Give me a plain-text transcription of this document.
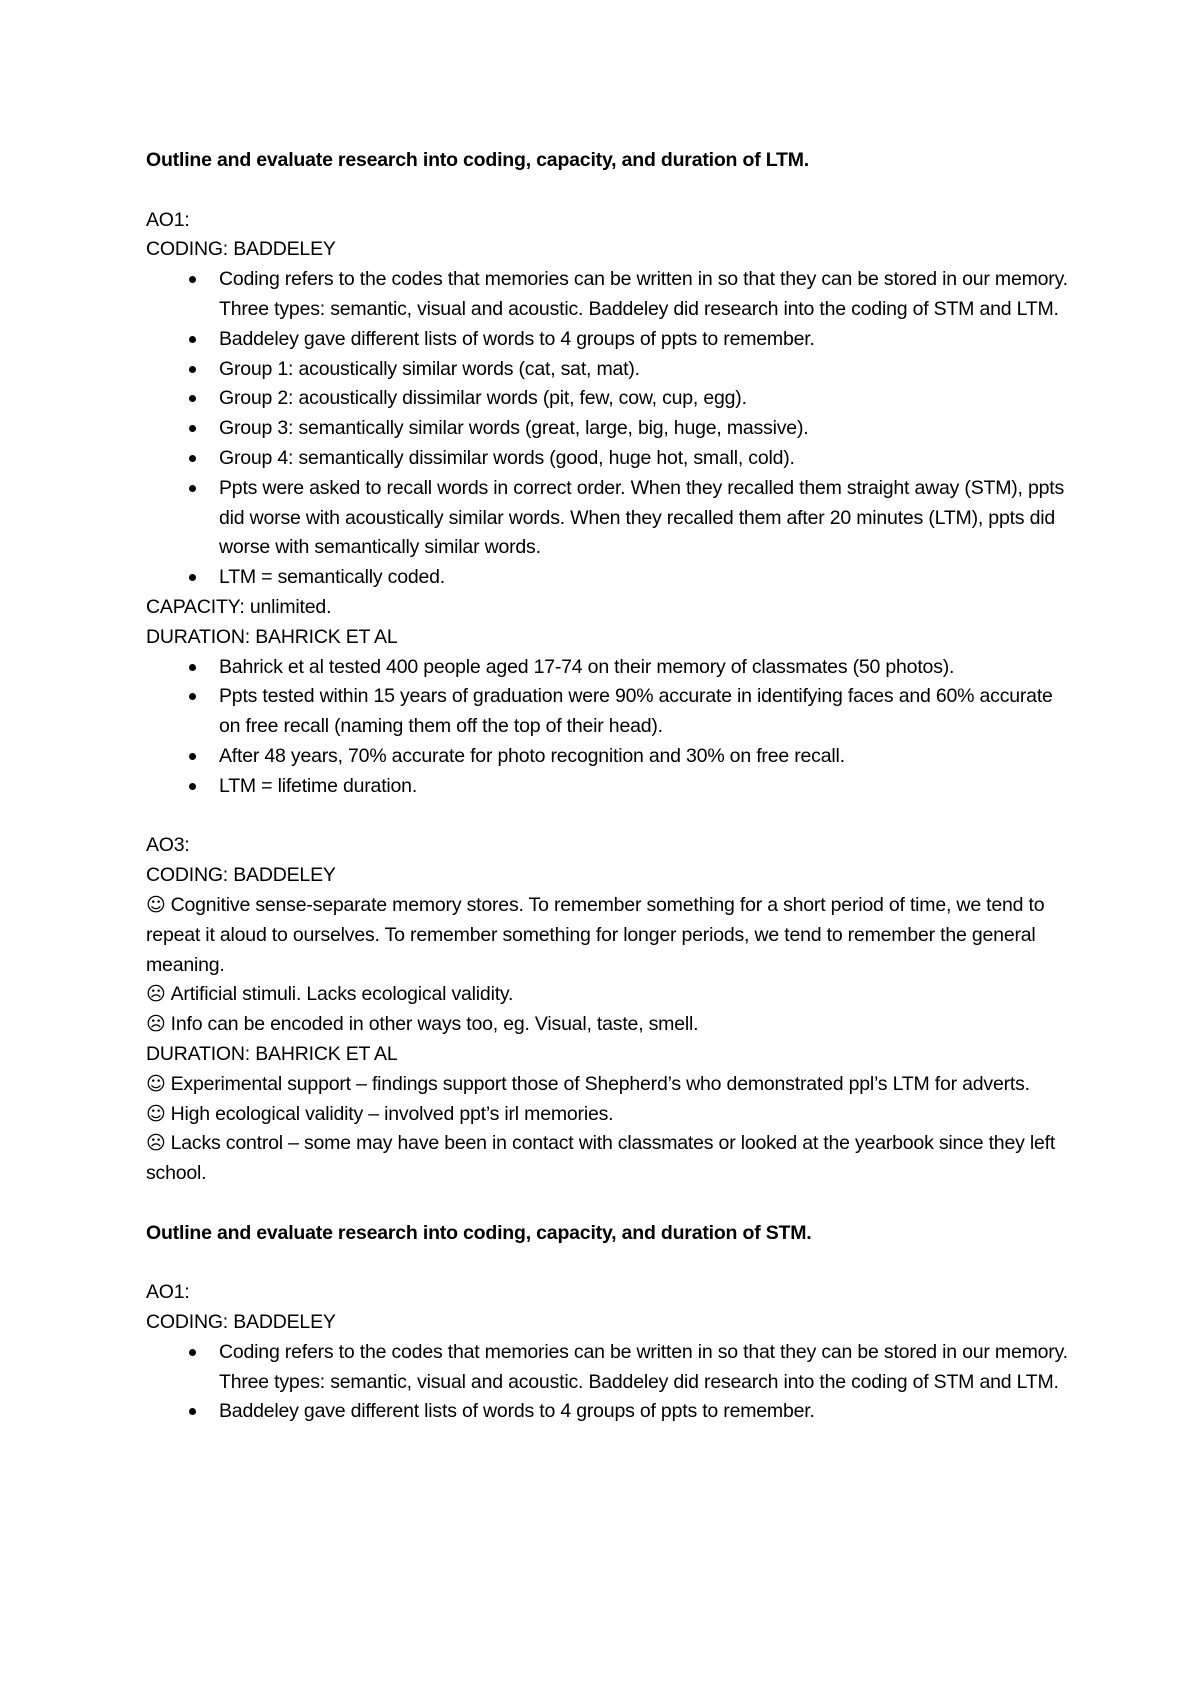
Outline and evaluate research into coding, capacity, and duration of LTM.

AO1:

CODING: BADDELEY

Coding refers to the codes that memories can be written in so that they can be stored in our memory. Three types: semantic, visual and acoustic. Baddeley did research into the coding of STM and LTM.
Baddeley gave different lists of words to 4 groups of ppts to remember.
Group 1: acoustically similar words (cat, sat, mat).
Group 2: acoustically dissimilar words (pit, few, cow, cup, egg).
Group 3: semantically similar words (great, large, big, huge, massive).
Group 4: semantically dissimilar words (good, huge hot, small, cold).
Ppts were asked to recall words in correct order. When they recalled them straight away (STM), ppts did worse with acoustically similar words. When they recalled them after 20 minutes (LTM), ppts did worse with semantically similar words.
LTM = semantically coded.

CAPACITY: unlimited.

DURATION: BAHRICK ET AL

Bahrick et al tested 400 people aged 17-74 on their memory of classmates (50 photos).
Ppts tested within 15 years of graduation were 90% accurate in identifying faces and 60% accurate on free recall (naming them off the top of their head).
After 48 years, 70% accurate for photo recognition and 30% on free recall.
LTM = lifetime duration.

AO3:

CODING: BADDELEY

☺ Cognitive sense-separate memory stores. To remember something for a short period of time, we tend to repeat it aloud to ourselves. To remember something for longer periods, we tend to remember the general meaning.

☹ Artificial stimuli. Lacks ecological validity.

☹ Info can be encoded in other ways too, eg. Visual, taste, smell.

DURATION: BAHRICK ET AL

☺ Experimental support – findings support those of Shepherd’s who demonstrated ppl’s LTM for adverts.

☺ High ecological validity – involved ppt’s irl memories.

☹ Lacks control – some may have been in contact with classmates or looked at the yearbook since they left school.

Outline and evaluate research into coding, capacity, and duration of STM.

AO1:

CODING: BADDELEY

Coding refers to the codes that memories can be written in so that they can be stored in our memory. Three types: semantic, visual and acoustic. Baddeley did research into the coding of STM and LTM.
Baddeley gave different lists of words to 4 groups of ppts to remember.
